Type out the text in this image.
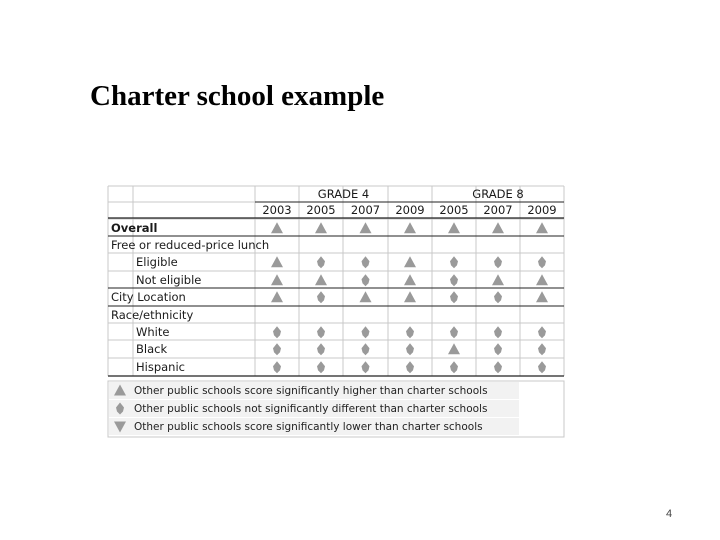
Charter school example
4
GRADE 4	GRADE 8
2003 2005 2007 2009 2005 2007 2009
Overall
Free or reduced-price lunch
Eligible
Not eligible
City Location
Race/ethnicity
White
Black
Hispanic
Other public schools score significantly higher than charter schools
Other public schools not significantly different than charter schools
Other public schools score significantly lower than charter schools
